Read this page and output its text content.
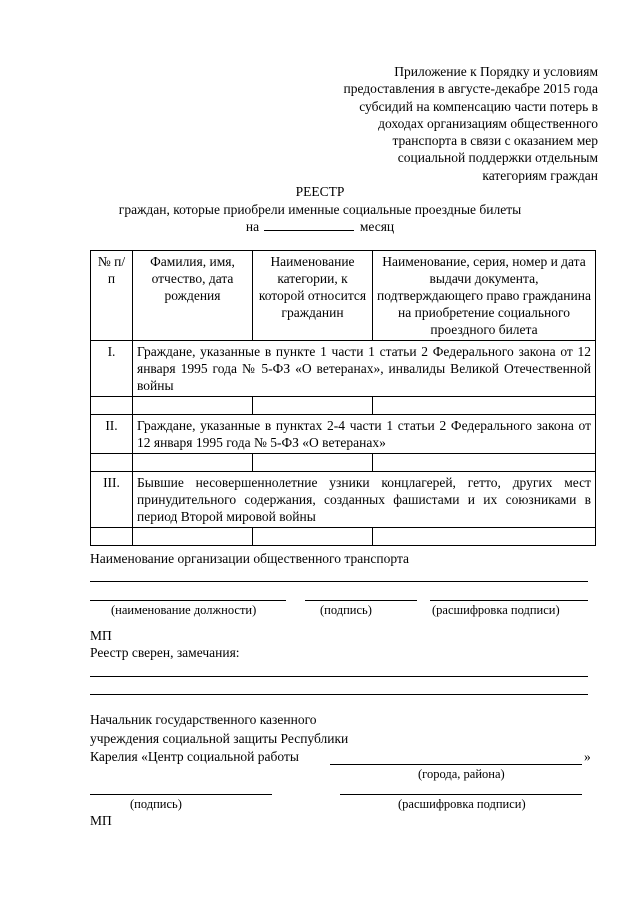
Приложение к Порядку и условиям
предоставления в августе-декабре 2015 года
субсидий на компенсацию части потерь в
доходах организациям общественного
транспорта в связи с оказанием мер
социальной поддержки отдельным
категориям граждан
РЕЕСТР
граждан, которые приобрели именные социальные проездные билеты
на	месяц
№ п/п	Фамилия, имя, отчество, дата рождения	Наименование категории, к которой относится гражданин	Наименование, серия, номер и дата выдачи документа, подтверждающего право гражданина на приобретение социального проездного билета
I.	Граждане, указанные в пункте 1 части 1 статьи 2 Федерального закона от 12 января 1995 года № 5-ФЗ «О ветеранах», инвалиды Великой Отечественной войны		

II.	Граждане, указанные в пунктах 2-4 части 1 статьи 2 Федерального закона от 12 января 1995 года № 5-ФЗ «О ветеранах»		

III.	Бывшие несовершеннолетние узники концлагерей, гетто, других мест принудительного содержания, созданных фашистами и их союзниками в период Второй мировой войны		

Наименование организации общественного транспорта
(наименование должности)	(подпись)	(расшифровка подписи)
МП
Реестр сверен, замечания:
Начальник государственного казенного
учреждения социальной защиты Республики
Карелия «Центр социальной работы	»
(города, района)
(подпись)	(расшифровка подписи)
МП
